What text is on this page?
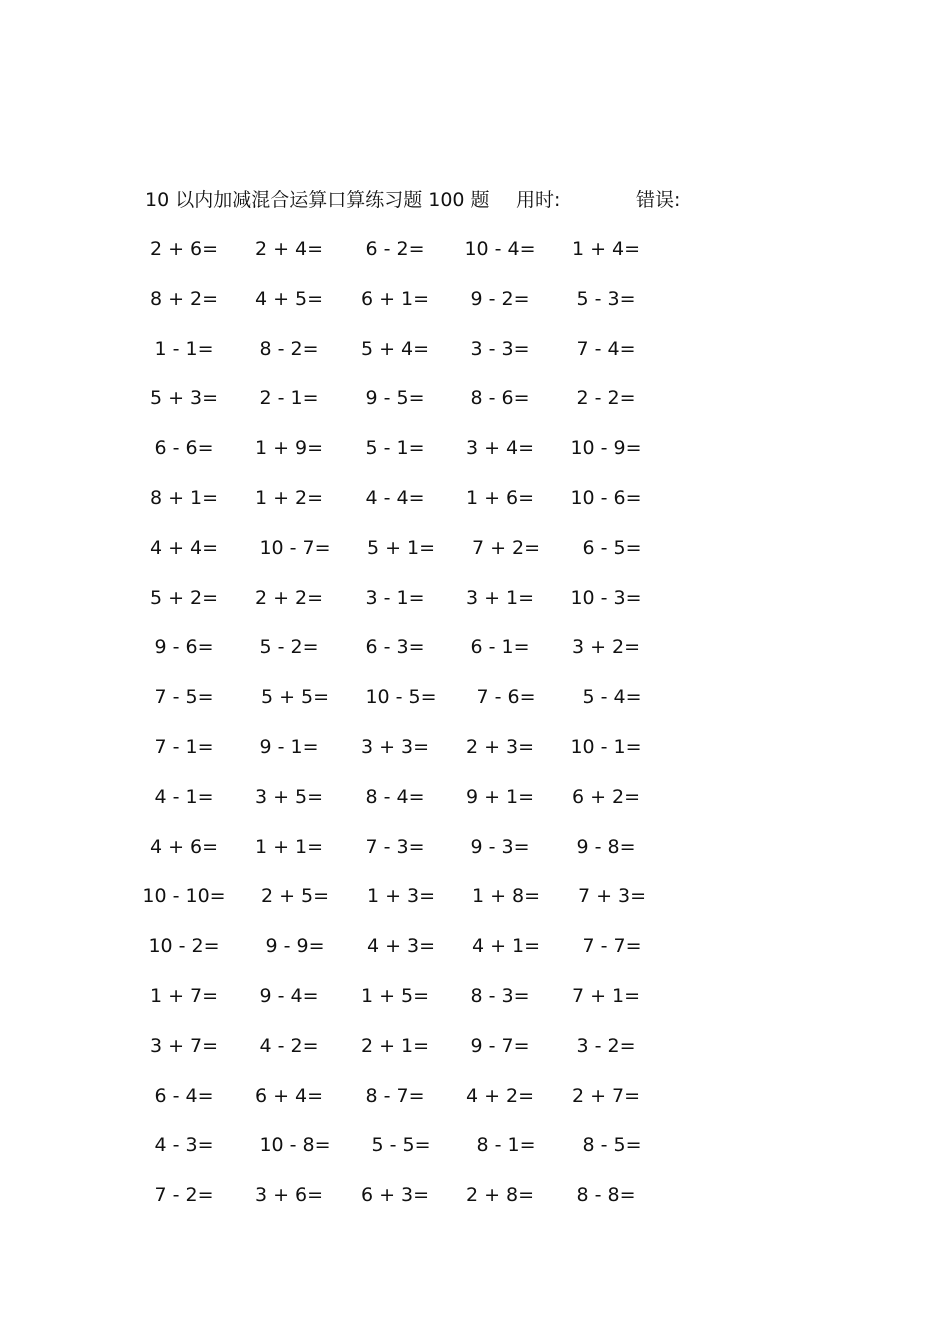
10 以内加减混合运算口算练习题 100 题 用时:	错误:
2 + 6= 2 + 4= 6 - 2= 10 - 4= 1 + 4=
8 + 2= 4 + 5= 6 + 1= 9 - 2= 5 - 3=
1 - 1= 8 - 2= 5 + 4= 3 - 3= 7 - 4=
5 + 3= 2 - 1= 9 - 5= 8 - 6= 2 - 2=
6 - 6= 1 + 9= 5 - 1= 3 + 4= 10 - 9=
8 + 1= 1 + 2= 4 - 4= 1 + 6= 10 - 6=
4 + 4= 10 - 7= 5 + 1= 7 + 2= 6 - 5=
5 + 2= 2 + 2= 3 - 1= 3 + 1= 10 - 3=
9 - 6= 5 - 2= 6 - 3= 6 - 1= 3 + 2=
7 - 5= 5 + 5= 10 - 5= 7 - 6= 5 - 4=
7 - 1= 9 - 1= 3 + 3= 2 + 3= 10 - 1=
4 - 1= 3 + 5= 8 - 4= 9 + 1= 6 + 2=
4 + 6= 1 + 1= 7 - 3= 9 - 3= 9 - 8=
10 - 10= 2 + 5= 1 + 3= 1 + 8= 7 + 3=
10 - 2= 9 - 9= 4 + 3= 4 + 1= 7 - 7=
1 + 7= 9 - 4= 1 + 5= 8 - 3= 7 + 1=
3 + 7= 4 - 2= 2 + 1= 9 - 7= 3 - 2=
6 - 4= 6 + 4= 8 - 7= 4 + 2= 2 + 7=
4 - 3= 10 - 8= 5 - 5= 8 - 1= 8 - 5=
7 - 2= 3 + 6= 6 + 3= 2 + 8= 8 - 8=
